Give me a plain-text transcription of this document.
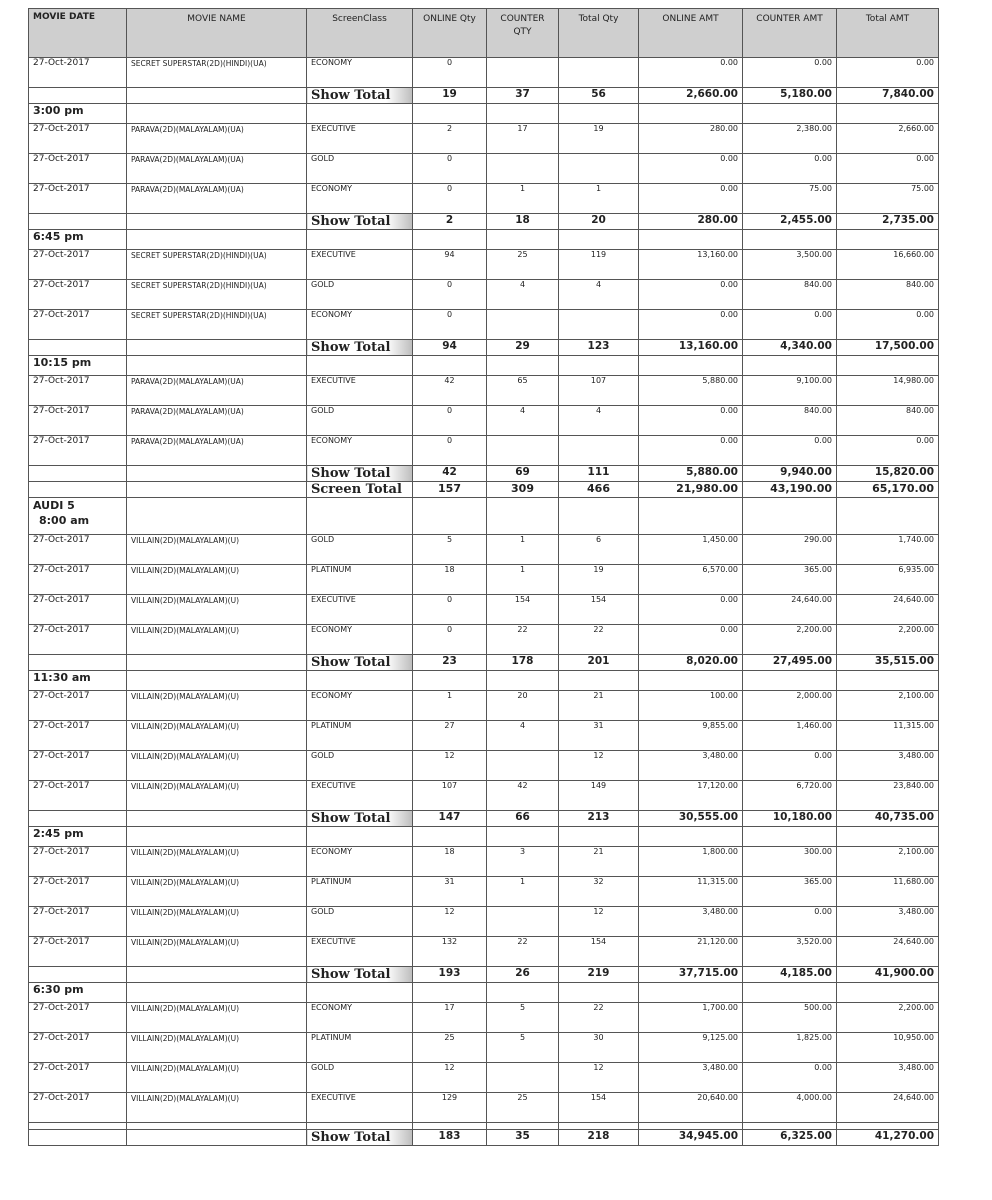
MOVIE DATE	MOVIE NAME	ScreenClass	ONLINE Qty	COUNTER QTY	Total Qty	ONLINE AMT	COUNTER AMT	Total AMT
27-Oct-2017	SECRET SUPERSTAR(2D)(HINDI)(UA)	ECONOMY	0			0.00	0.00	0.00
		Show Total	19	37	56	2,660.00	5,180.00	7,840.00
3:00 pm								
27-Oct-2017	PARAVA(2D)(MALAYALAM)(UA)	EXECUTIVE	2	17	19	280.00	2,380.00	2,660.00
27-Oct-2017	PARAVA(2D)(MALAYALAM)(UA)	GOLD	0			0.00	0.00	0.00
27-Oct-2017	PARAVA(2D)(MALAYALAM)(UA)	ECONOMY	0	1	1	0.00	75.00	75.00
		Show Total	2	18	20	280.00	2,455.00	2,735.00
6:45 pm								
27-Oct-2017	SECRET SUPERSTAR(2D)(HINDI)(UA)	EXECUTIVE	94	25	119	13,160.00	3,500.00	16,660.00
27-Oct-2017	SECRET SUPERSTAR(2D)(HINDI)(UA)	GOLD	0	4	4	0.00	840.00	840.00
27-Oct-2017	SECRET SUPERSTAR(2D)(HINDI)(UA)	ECONOMY	0			0.00	0.00	0.00
		Show Total	94	29	123	13,160.00	4,340.00	17,500.00
10:15 pm								
27-Oct-2017	PARAVA(2D)(MALAYALAM)(UA)	EXECUTIVE	42	65	107	5,880.00	9,100.00	14,980.00
27-Oct-2017	PARAVA(2D)(MALAYALAM)(UA)	GOLD	0	4	4	0.00	840.00	840.00
27-Oct-2017	PARAVA(2D)(MALAYALAM)(UA)	ECONOMY	0			0.00	0.00	0.00
		Show Total	42	69	111	5,880.00	9,940.00	15,820.00
		Screen Total	157	309	466	21,980.00	43,190.00	65,170.00

AUDI 5
8:00 am								

27-Oct-2017	VILLAIN(2D)(MALAYALAM)(U)	GOLD	5	1	6	1,450.00	290.00	1,740.00
27-Oct-2017	VILLAIN(2D)(MALAYALAM)(U)	PLATINUM	18	1	19	6,570.00	365.00	6,935.00
27-Oct-2017	VILLAIN(2D)(MALAYALAM)(U)	EXECUTIVE	0	154	154	0.00	24,640.00	24,640.00
27-Oct-2017	VILLAIN(2D)(MALAYALAM)(U)	ECONOMY	0	22	22	0.00	2,200.00	2,200.00
		Show Total	23	178	201	8,020.00	27,495.00	35,515.00
11:30 am								
27-Oct-2017	VILLAIN(2D)(MALAYALAM)(U)	ECONOMY	1	20	21	100.00	2,000.00	2,100.00
27-Oct-2017	VILLAIN(2D)(MALAYALAM)(U)	PLATINUM	27	4	31	9,855.00	1,460.00	11,315.00
27-Oct-2017	VILLAIN(2D)(MALAYALAM)(U)	GOLD	12		12	3,480.00	0.00	3,480.00
27-Oct-2017	VILLAIN(2D)(MALAYALAM)(U)	EXECUTIVE	107	42	149	17,120.00	6,720.00	23,840.00
		Show Total	147	66	213	30,555.00	10,180.00	40,735.00
2:45 pm								
27-Oct-2017	VILLAIN(2D)(MALAYALAM)(U)	ECONOMY	18	3	21	1,800.00	300.00	2,100.00
27-Oct-2017	VILLAIN(2D)(MALAYALAM)(U)	PLATINUM	31	1	32	11,315.00	365.00	11,680.00
27-Oct-2017	VILLAIN(2D)(MALAYALAM)(U)	GOLD	12		12	3,480.00	0.00	3,480.00
27-Oct-2017	VILLAIN(2D)(MALAYALAM)(U)	EXECUTIVE	132	22	154	21,120.00	3,520.00	24,640.00
		Show Total	193	26	219	37,715.00	4,185.00	41,900.00
6:30 pm								
27-Oct-2017	VILLAIN(2D)(MALAYALAM)(U)	ECONOMY	17	5	22	1,700.00	500.00	2,200.00
27-Oct-2017	VILLAIN(2D)(MALAYALAM)(U)	PLATINUM	25	5	30	9,125.00	1,825.00	10,950.00
27-Oct-2017	VILLAIN(2D)(MALAYALAM)(U)	GOLD	12		12	3,480.00	0.00	3,480.00
27-Oct-2017	VILLAIN(2D)(MALAYALAM)(U)	EXECUTIVE	129	25	154	20,640.00	4,000.00	24,640.00

		Show Total	183	35	218	34,945.00	6,325.00	41,270.00
